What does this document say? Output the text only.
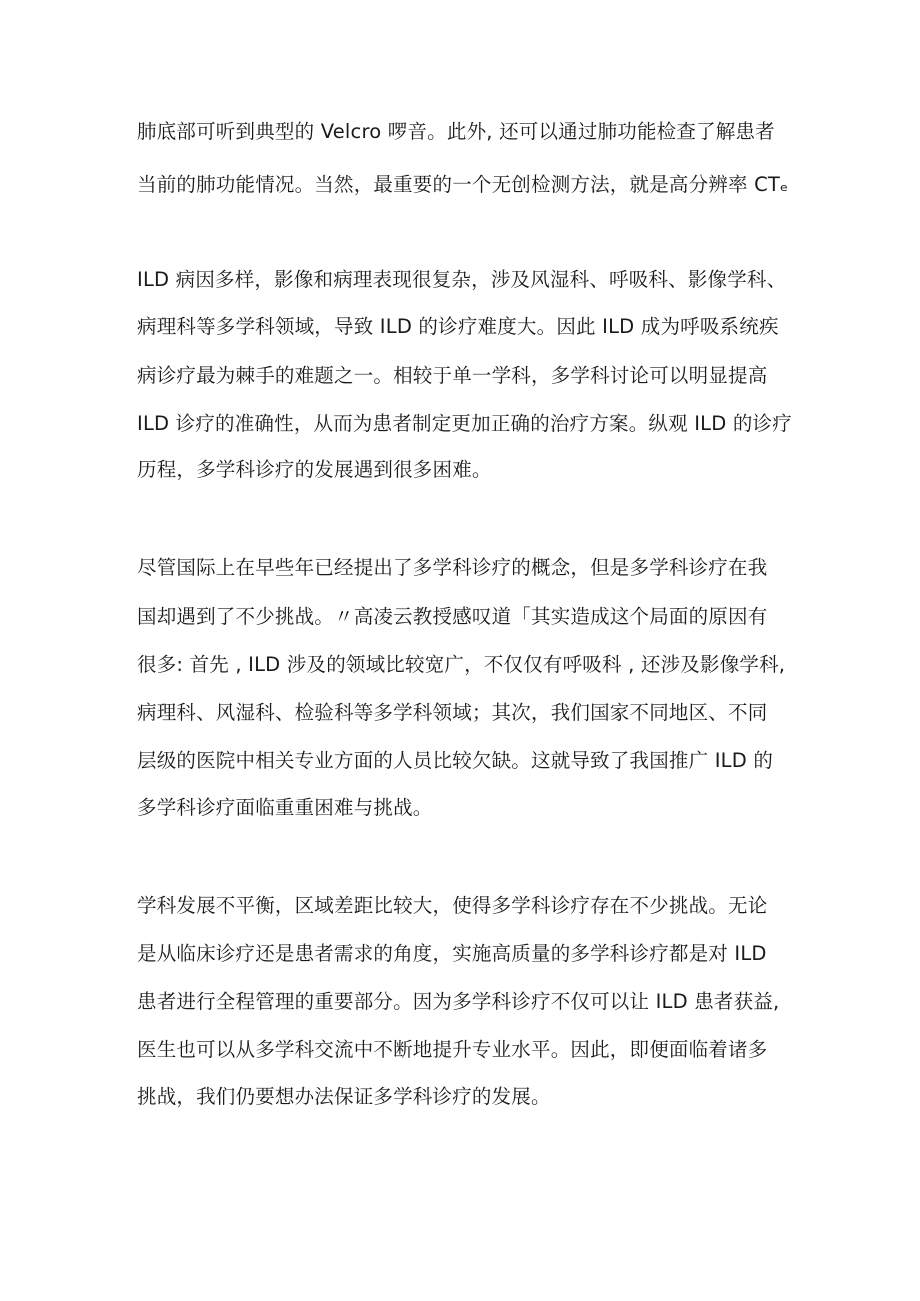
肺底部可听到典型的 Velcro 啰音。此外, 还可以通过肺功能检查了解患者
当前的肺功能情况。当然，最重要的一个无创检测方法，就是高分辨率 CTₑ
ILD 病因多样，影像和病理表现很复杂，涉及风湿科、呼吸科、影像学科、
病理科等多学科领域，导致 ILD 的诊疗难度大。因此 ILD 成为呼吸系统疾
病诊疗最为棘手的难题之一。相较于单一学科，多学科讨论可以明显提高
ILD 诊疗的准确性，从而为患者制定更加正确的治疗方案。纵观 ILD 的诊疗
历程，多学科诊疗的发展遇到很多困难。
尽管国际上在早些年已经提出了多学科诊疗的概念，但是多学科诊疗在我
国却遇到了不少挑战。〃高凌云教授感叹道「其实造成这个局面的原因有
很多: 首先 , ILD 涉及的领域比较宽广，不仅仅有呼吸科 , 还涉及影像学科,
病理科、风湿科、检验科等多学科领域；其次，我们国家不同地区、不同
层级的医院中相关专业方面的人员比较欠缺。这就导致了我国推广 ILD 的
多学科诊疗面临重重困难与挑战。
学科发展不平衡，区域差距比较大，使得多学科诊疗存在不少挑战。无论
是从临床诊疗还是患者需求的角度，实施高质量的多学科诊疗都是对 ILD
患者进行全程管理的重要部分。因为多学科诊疗不仅可以让 ILD 患者获益,
医生也可以从多学科交流中不断地提升专业水平。因此，即便面临着诸多
挑战，我们仍要想办法保证多学科诊疗的发展。
